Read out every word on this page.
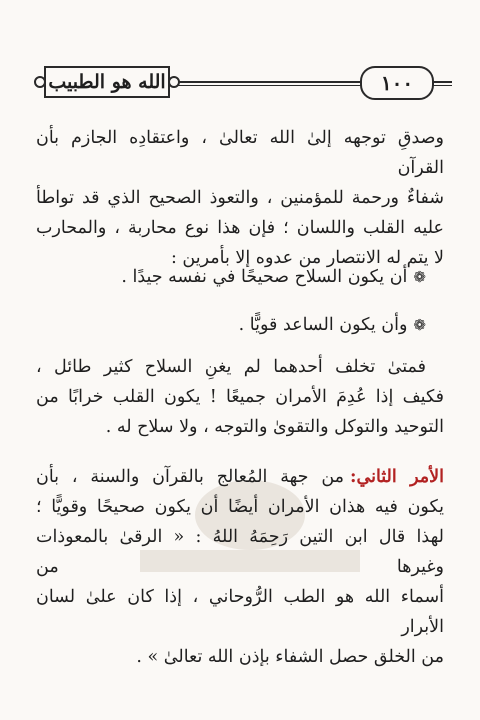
١٠٠
الله هو الطبيب
وصدقِ توجهه إلىٰ الله تعالىٰ ، واعتقادِه الجازم بأن القرآن
شفاءٌ ورحمة للمؤمنين ، والتعوذ الصحيح الذي قد تواطأ
عليه القلب واللسان ؛ فإن هذا نوع محاربة ، والمحارب
لا يتم له الانتصار من عدوه إلا بأمرين :
❁أن يكون السلاح صحيحًا في نفسه جيدًا .
❁وأن يكون الساعد قويًّا .
فمتىٰ تخلف أحدهما لم يغنِ السلاح كثير طائل ،
فكيف إذا عُدِمَ الأمران جميعًا ! يكون القلب خرابًا من
التوحيد والتوكل والتقوىٰ والتوجه ، ولا سلاح له .
الأمر الثاني:من جهة المُعالج بالقرآن والسنة ، بأن
يكون فيه هذان الأمران أيضًا أن يكون صحيحًا وقويًّا ؛
لهذا قال ابن التين رَحِمَهُ اللهُ : « الرقىٰ بالمعوذات وغيرها من
أسماء الله هو الطب الرُّوحاني ، إذا كان علىٰ لسان الأبرار
من الخلق حصل الشفاء بإذن الله تعالىٰ » .
